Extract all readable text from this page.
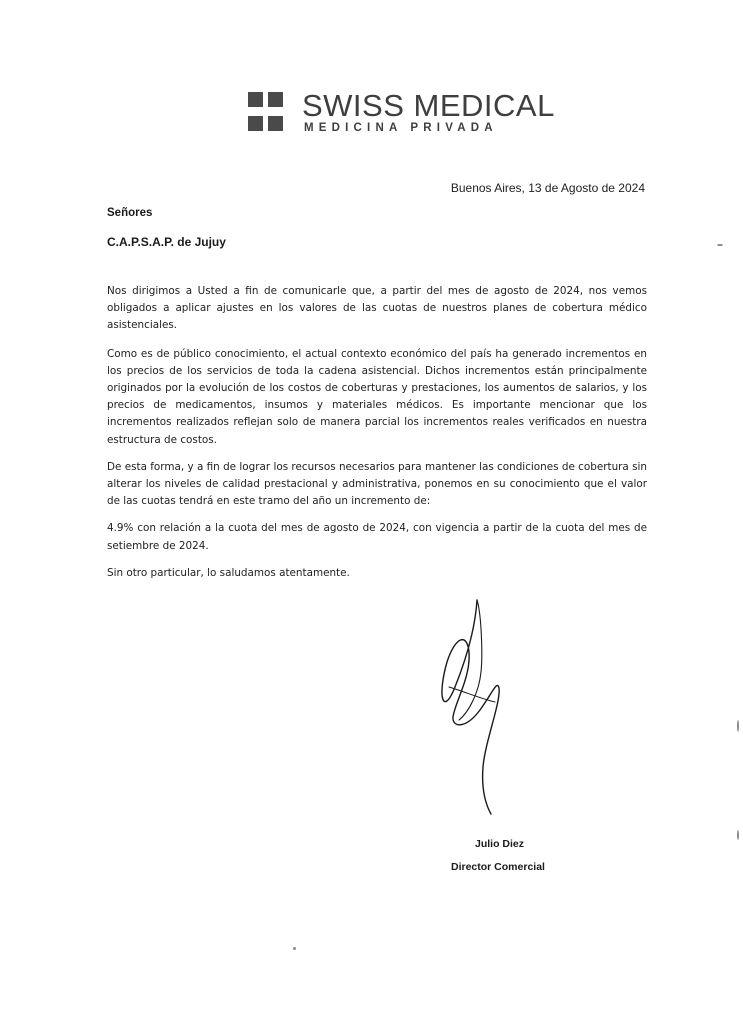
SWISS MEDICAL
MEDICINA PRIVADA
Buenos Aires, 13 de Agosto de 2024
Señores
C.A.P.S.A.P. de Jujuy

Nos dirigimos a Usted a fin de comunicarle que, a partir del mes de agosto de 2024, nos vemos obligados a aplicar ajustes en los valores de las cuotas de nuestros planes de cobertura médico asistenciales.

Como es de público conocimiento, el actual contexto económico del país ha generado incrementos en los precios de los servicios de toda la cadena asistencial. Dichos incrementos están principalmente originados por la evolución de los costos de coberturas y prestaciones, los aumentos de salarios, y los precios de medicamentos, insumos y materiales médicos. Es importante mencionar que los incrementos realizados reflejan solo de manera parcial los incrementos reales verificados en nuestra estructura de costos.

De esta forma, y a fin de lograr los recursos necesarios para mantener las condiciones de cobertura sin alterar los niveles de calidad prestacional y administrativa, ponemos en su conocimiento que el valor de las cuotas tendrá en este tramo del año un incremento de:

4.9% con relación a la cuota del mes de agosto de 2024, con vigencia a partir de la cuota del mes de setiembre de 2024.

Sin otro particular, lo saludamos atentamente.

Julio Diez
Director Comercial
